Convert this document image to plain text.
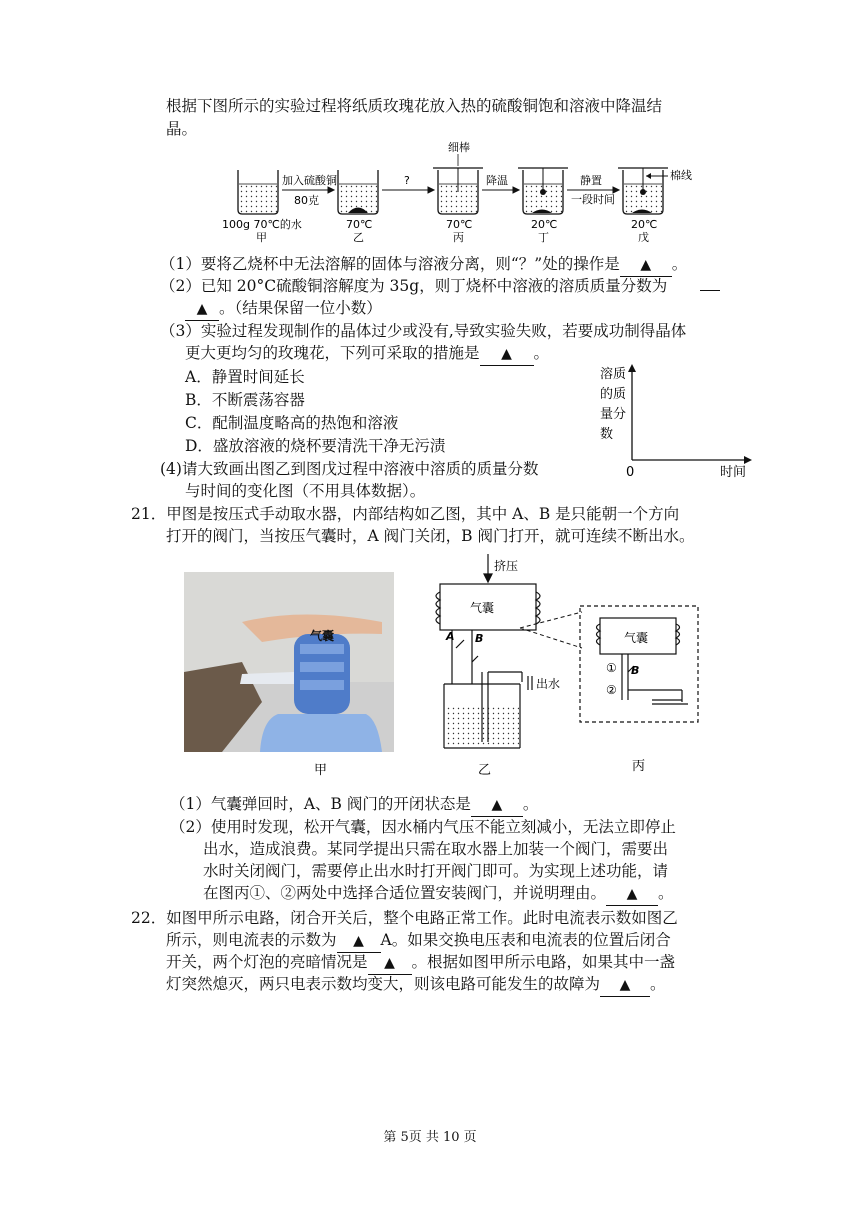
根据下图所示的实验过程将纸质玫瑰花放入热的硫酸铜饱和溶液中降温结
晶。
细棒
加入硫酸铜
80克
?	降温	静置
一段时间
棉线
100g 70℃的水
甲
70℃
乙
70℃
丙
20℃
丁
20℃
戊
（1）要将乙烧杯中无法溶解的固体与溶液分离，则“？”处的操作是 ▲ 。
（2）已知 20°C硫酸铜溶解度为 35g，则丁烧杯中溶液的溶质质量分数为
▲ 。（结果保留一位小数）
（3）实验过程发现制作的晶体过少或没有,导致实验失败，若要成功制得晶体
更大更均匀的玫瑰花，下列可采取的措施是 ▲ 。
A．静置时间延长
B．不断震荡容器
C．配制温度略高的热饱和溶液
D．盛放溶液的烧杯要清洗干净无污渍
(4)请大致画出图乙到图戊过程中溶液中溶质的质量分数
与时间的变化图（不用具体数据）。
溶质
的质
量分
数
0	时间
21．甲图是按压式手动取水器，内部结构如乙图，其中 A、B 是只能朝一个方向
打开的阀门，当按压气囊时，A 阀门关闭，B 阀门打开，就可连续不断出水。
气囊
甲
挤压
气囊
A B
出水
乙
气囊
① B
②
丙
（1）气囊弹回时，A、B 阀门的开闭状态是 ▲ 。
（2）使用时发现，松开气囊，因水桶内气压不能立刻减小，无法立即停止
出水，造成浪费。某同学提出只需在取水器上加装一个阀门，需要出
水时关闭阀门，需要停止出水时打开阀门即可。为实现上述功能，请
在图丙①、②两处中选择合适位置安装阀门，并说明理由。 ▲ 。
22．如图甲所示电路，闭合开关后，整个电路正常工作。此时电流表示数如图乙
所示，则电流表的示数为 ▲ A。如果交换电压表和电流表的位置后闭合
开关，两个灯泡的亮暗情况是 ▲ 。根据如图甲所示电路，如果其中一盏
灯突然熄灭，两只电表示数均变大，则该电路可能发生的故障为 ▲ 。
第 5页 共 10 页
